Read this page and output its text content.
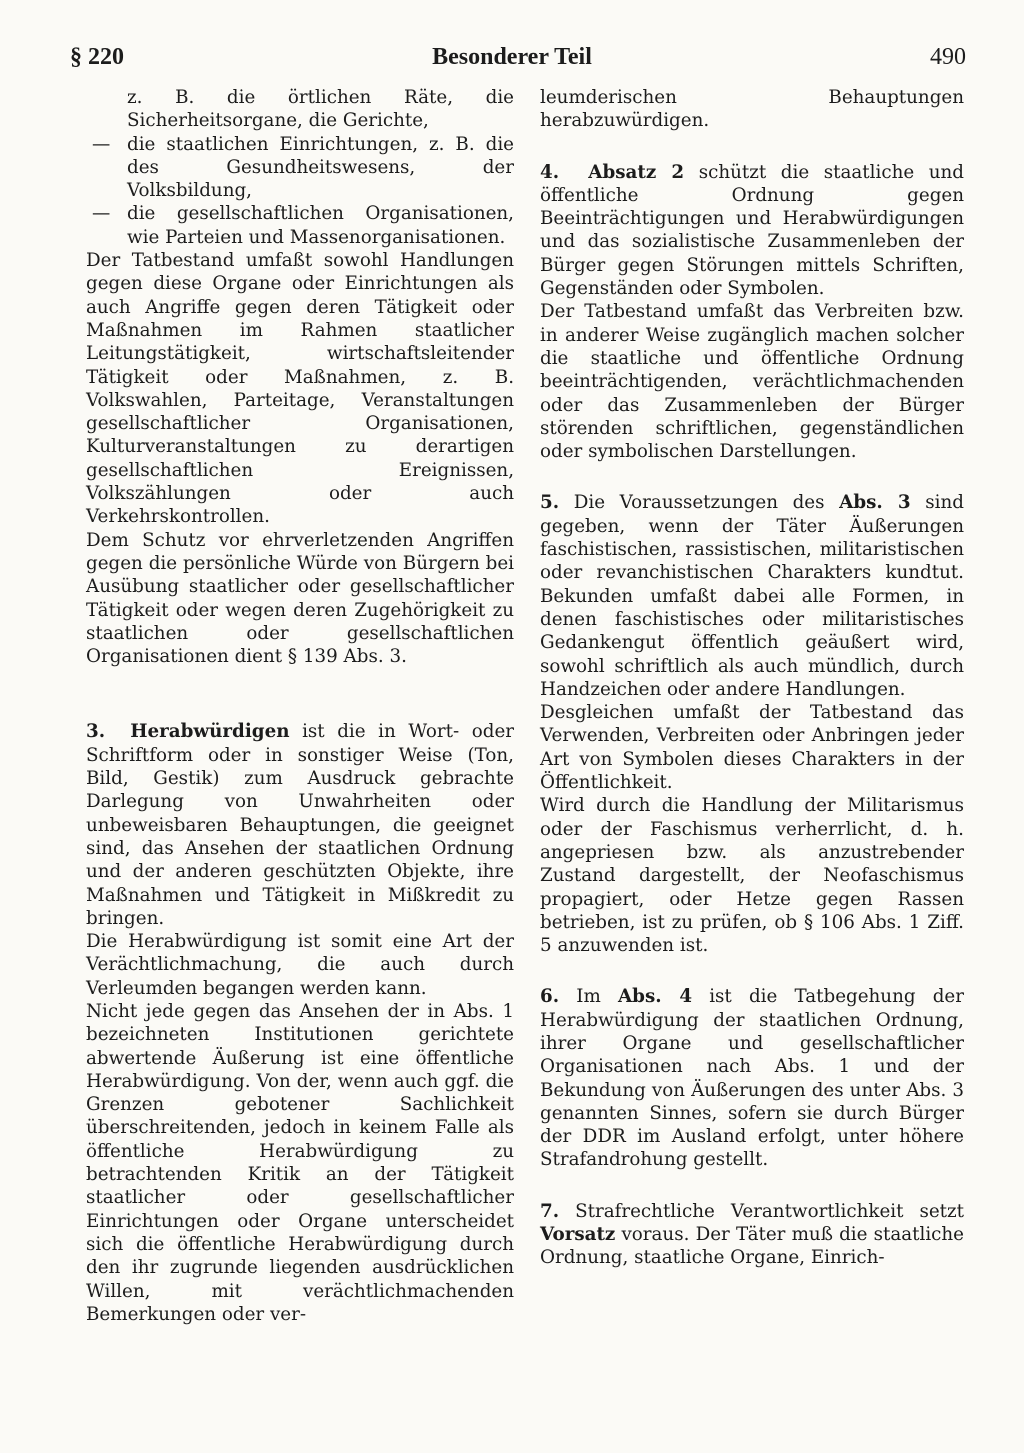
§ 220	Besonderer Teil	490

z. B. die örtlichen Räte, die Sicherheitsorgane, die Gerichte,

— die staatlichen Einrichtungen, z. B. die des Gesundheitswesens, der Volksbildung,

— die gesellschaftlichen Organisationen, wie Parteien und Massenorganisationen.

Der Tatbestand umfaßt sowohl Handlungen gegen diese Organe oder Einrichtungen als auch Angriffe gegen deren Tätigkeit oder Maßnahmen im Rahmen staatlicher Leitungstätigkeit, wirtschaftsleitender Tätigkeit oder Maßnahmen, z. B. Volkswahlen, Parteitage, Veranstaltungen gesellschaftlicher Organisationen, Kulturveranstaltungen zu derartigen gesellschaftlichen Ereignissen, Volkszählungen oder auch Verkehrskontrollen.

Dem Schutz vor ehrverletzenden Angriffen gegen die persönliche Würde von Bürgern bei Ausübung staatlicher oder gesellschaftlicher Tätigkeit oder wegen deren Zugehörigkeit zu staatlichen oder gesellschaftlichen Organisationen dient § 139 Abs. 3.

3. Herabwürdigen ist die in Wort- oder Schriftform oder in sonstiger Weise (Ton, Bild, Gestik) zum Ausdruck gebrachte Darlegung von Unwahrheiten oder unbeweisbaren Behauptungen, die geeignet sind, das Ansehen der staatlichen Ordnung und der anderen geschützten Objekte, ihre Maßnahmen und Tätigkeit in Mißkredit zu bringen.

Die Herabwürdigung ist somit eine Art der Verächtlichmachung, die auch durch Verleumden begangen werden kann.

Nicht jede gegen das Ansehen der in Abs. 1 bezeichneten Institutionen gerichtete abwertende Äußerung ist eine öffentliche Herabwürdigung. Von der, wenn auch ggf. die Grenzen gebotener Sachlichkeit überschreitenden, jedoch in keinem Falle als öffentliche Herabwürdigung zu betrachtenden Kritik an der Tätigkeit staatlicher oder gesellschaftlicher Einrichtungen oder Organe unterscheidet sich die öffentliche Herabwürdigung durch den ihr zugrunde liegenden ausdrücklichen Willen, mit verächtlichmachenden Bemerkungen oder ver-

leumderischen Behauptungen herabzuwürdigen.

4. Absatz 2 schützt die staatliche und öffentliche Ordnung gegen Beeinträchtigungen und Herabwürdigungen und das sozialistische Zusammenleben der Bürger gegen Störungen mittels Schriften, Gegenständen oder Symbolen.

Der Tatbestand umfaßt das Verbreiten bzw. in anderer Weise zugänglich machen solcher die staatliche und öffentliche Ordnung beeinträchtigenden, verächtlichmachenden oder das Zusammenleben der Bürger störenden schriftlichen, gegenständlichen oder symbolischen Darstellungen.

5. Die Voraussetzungen des Abs. 3 sind gegeben, wenn der Täter Äußerungen faschistischen, rassistischen, militaristischen oder revanchistischen Charakters kundtut. Bekunden umfaßt dabei alle Formen, in denen faschistisches oder militaristisches Gedankengut öffentlich geäußert wird, sowohl schriftlich als auch mündlich, durch Handzeichen oder andere Handlungen.

Desgleichen umfaßt der Tatbestand das Verwenden, Verbreiten oder Anbringen jeder Art von Symbolen dieses Charakters in der Öffentlichkeit.

Wird durch die Handlung der Militarismus oder der Faschismus verherrlicht, d. h. angepriesen bzw. als anzustrebender Zustand dargestellt, der Neofaschismus propagiert, oder Hetze gegen Rassen betrieben, ist zu prüfen, ob § 106 Abs. 1 Ziff. 5 anzuwenden ist.

6. Im Abs. 4 ist die Tatbegehung der Herabwürdigung der staatlichen Ordnung, ihrer Organe und gesellschaftlicher Organisationen nach Abs. 1 und der Bekundung von Äußerungen des unter Abs. 3 genannten Sinnes, sofern sie durch Bürger der DDR im Ausland erfolgt, unter höhere Strafandrohung gestellt.

7. Strafrechtliche Verantwortlichkeit setzt Vorsatz voraus. Der Täter muß die staatliche Ordnung, staatliche Organe, Einrich-
